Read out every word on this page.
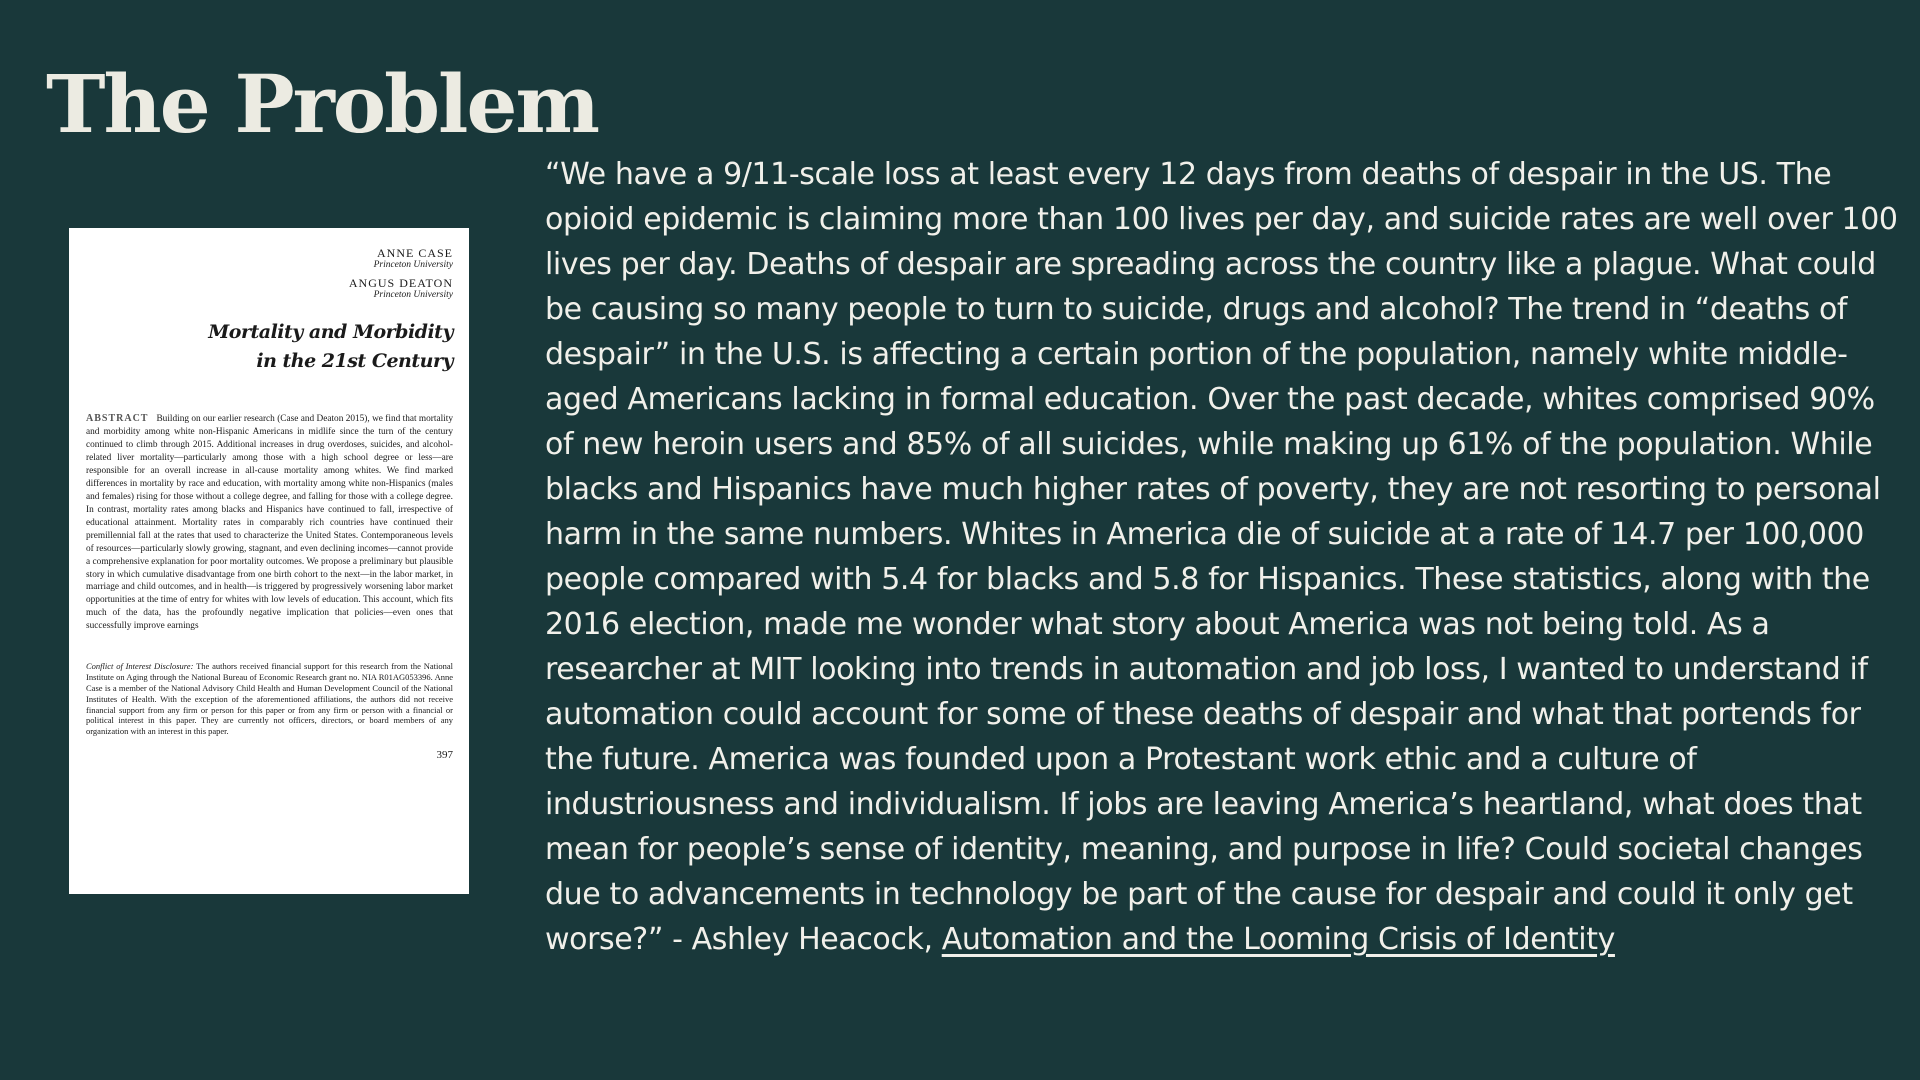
The Problem
ANNE CASE
Princeton University
ANGUS DEATON
Princeton University
Mortality and Morbidity
in the 21st Century
ABSTRACT Building on our earlier research (Case and Deaton 2015), we find that mortality and morbidity among white non-Hispanic Americans in midlife since the turn of the century continued to climb through 2015. Additional increases in drug overdoses, suicides, and alcohol-related liver mortality—particularly among those with a high school degree or less—are responsible for an overall increase in all-cause mortality among whites. We find marked differences in mortality by race and education, with mortality among white non-Hispanics (males and females) rising for those without a college degree, and falling for those with a college degree. In contrast, mortality rates among blacks and Hispanics have continued to fall, irrespective of educational attainment. Mortality rates in comparably rich countries have continued their premillennial fall at the rates that used to characterize the United States. Contemporaneous levels of resources—particularly slowly growing, stagnant, and even declining incomes—cannot provide a comprehensive explanation for poor mortality outcomes. We propose a preliminary but plausible story in which cumulative disadvantage from one birth cohort to the next—in the labor market, in marriage and child outcomes, and in health—is triggered by progressively worsening labor market opportunities at the time of entry for whites with low levels of education. This account, which fits much of the data, has the profoundly negative implication that policies—even ones that successfully improve earnings
Conflict of Interest Disclosure: The authors received financial support for this research from the National Institute on Aging through the National Bureau of Economic Research grant no. NIA R01AG053396. Anne Case is a member of the National Advisory Child Health and Human Development Council of the National Institutes of Health. With the exception of the aforementioned affiliations, the authors did not receive financial support from any firm or person for this paper or from any firm or person with a financial or political interest in this paper. They are currently not officers, directors, or board members of any organization with an interest in this paper.
397

“We have a 9/11-scale loss at least every 12 days from deaths of despair in the US. The opioid epidemic is claiming more than 100 lives per day, and suicide rates are well over 100 lives per day. Deaths of despair are spreading across the country like a plague. What could be causing so many people to turn to suicide, drugs and alcohol? The trend in “deaths of despair” in the U.S. is affecting a certain portion of the population, namely white middle-aged Americans lacking in formal education. Over the past decade, whites comprised 90% of new heroin users and 85% of all suicides, while making up 61% of the population. While blacks and Hispanics have much higher rates of poverty, they are not resorting to personal harm in the same numbers. Whites in America die of suicide at a rate of 14.7 per 100,000 people compared with 5.4 for blacks and 5.8 for Hispanics. These statistics, along with the 2016 election, made me wonder what story about America was not being told. As a researcher at MIT looking into trends in automation and job loss, I wanted to understand if automation could account for some of these deaths of despair and what that portends for the future. America was founded upon a Protestant work ethic and a culture of industriousness and individualism. If jobs are leaving America’s heartland, what does that mean for people’s sense of identity, meaning, and purpose in life? Could societal changes due to advancements in technology be part of the cause for despair and could it only get worse?” - Ashley Heacock, Automation and the Looming Crisis of Identity
